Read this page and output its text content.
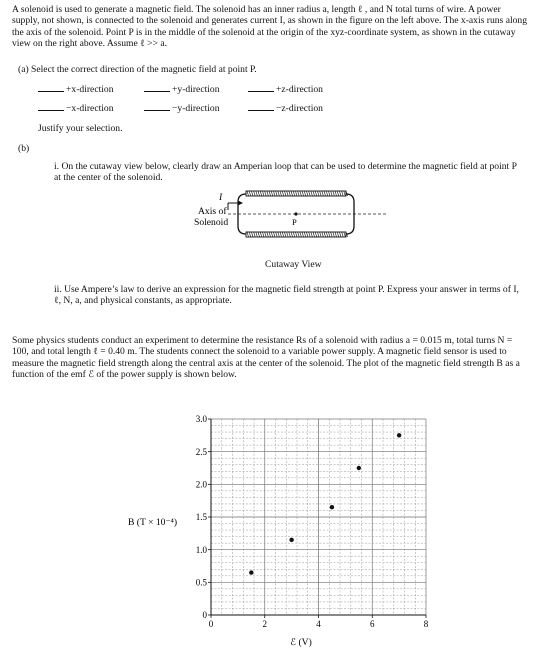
A solenoid is used to generate a magnetic field. The solenoid has an inner radius a, length ℓ , and N total turns of wire. A power supply, not shown, is connected to the solenoid and generates current I, as shown in the figure on the left above. The x-axis runs along the axis of the solenoid. Point P is in the middle of the solenoid at the origin of the xyz-coordinate system, as shown in the cutaway view on the right above. Assume ℓ >> a.
(a) Select the correct direction of the magnetic field at point P.
+x-direction	+y-direction	+z-direction
−x-direction	−y-direction	−z-direction
Justify your selection.
(b)
i. On the cutaway view below, clearly draw an Amperian loop that can be used to determine the magnetic field at point P at the center of the solenoid.
Axis of
Solenoid
I
P
Cutaway View
ii. Use Ampere’s law to derive an expression for the magnetic field strength at point P. Express your answer in terms of I, ℓ, N, a, and physical constants, as appropriate.
Some physics students conduct an experiment to determine the resistance Rs of a solenoid with radius a = 0.015 m, total turns N = 100, and total length ℓ = 0.40 m. The students connect the solenoid to a variable power supply. A magnetic field sensor is used to measure the magnetic field strength along the central axis at the center of the solenoid. The plot of the magnetic field strength B as a function of the emf ℰ of the power supply is shown below.
0
0.5
1.0
1.5
2.0
2.5
3.0
0	2	4	6	8
B (T × 10⁻⁴)
ℰ (V)
